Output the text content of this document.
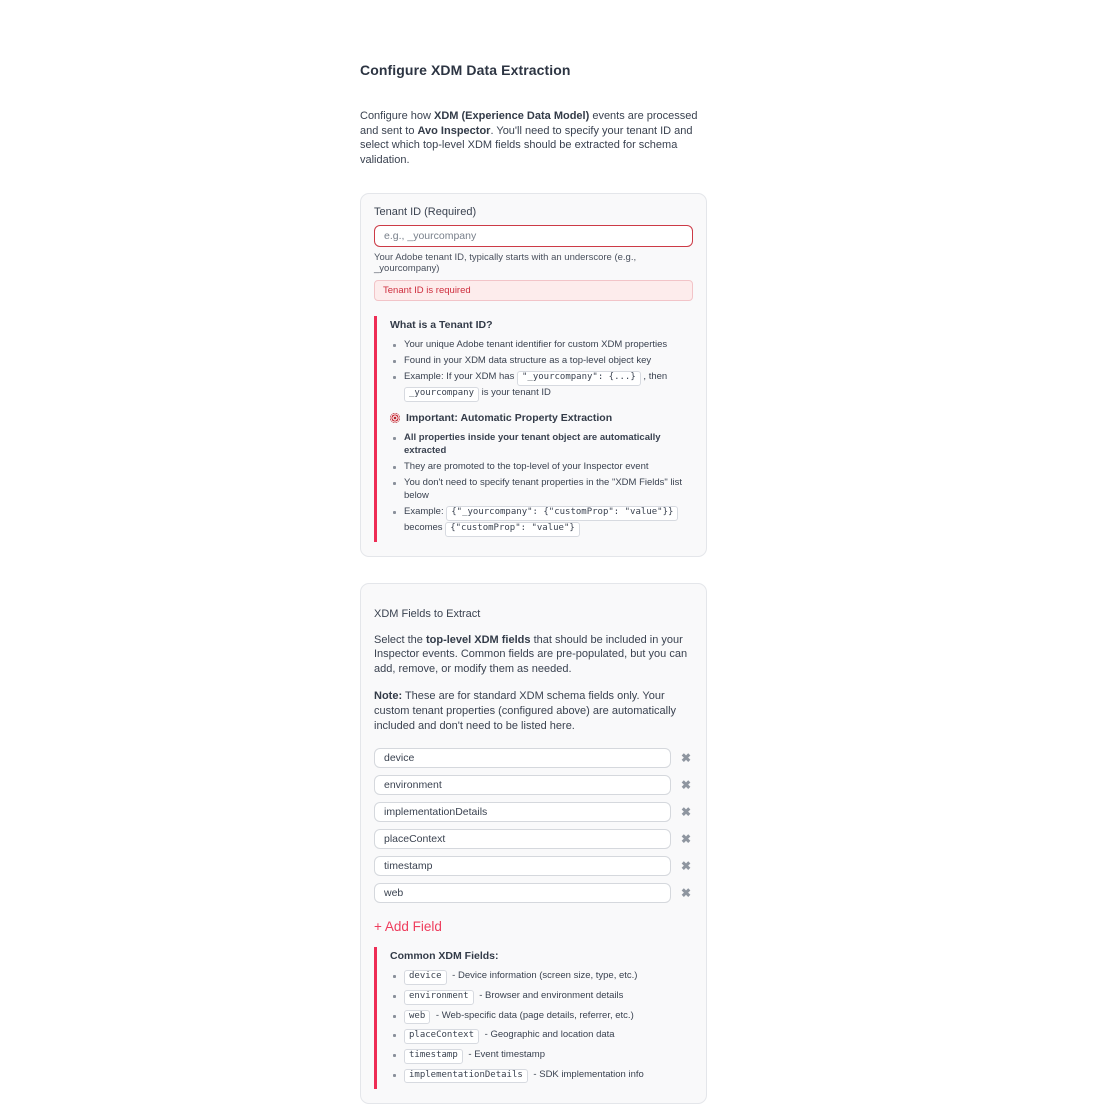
Configure XDM Data Extraction

Configure how XDM (Experience Data Model) events are processed and sent to Avo Inspector. You'll need to specify your tenant ID and select which top-level XDM fields should be extracted for schema validation.

Tenant ID (Required)
e.g., _yourcompany
Your Adobe tenant ID, typically starts with an underscore (e.g., _yourcompany)
Tenant ID is required
What is a Tenant ID?
Your unique Adobe tenant identifier for custom XDM properties
Found in your XDM data structure as a top-level object key
Example: If your XDM has "_yourcompany": {...} , then _yourcompany is your tenant ID
Important: Automatic Property Extraction
All properties inside your tenant object are automatically extracted
They are promoted to the top-level of your Inspector event
You don't need to specify tenant properties in the "XDM Fields" list below
Example: {"_yourcompany": {"customProp": "value"}} becomes {"customProp": "value"}
XDM Fields to Extract

Select the top-level XDM fields that should be included in your Inspector events. Common fields are pre-populated, but you can add, remove, or modify them as needed.

Note: These are for standard XDM schema fields only. Your custom tenant properties (configured above) are automatically included and don't need to be listed here.

device
✖
environment
✖
implementationDetails
✖
placeContext
✖
timestamp
✖
web
✖
+ Add Field
Common XDM Fields:
device - Device information (screen size, type, etc.)
environment - Browser and environment details
web - Web-specific data (page details, referrer, etc.)
placeContext - Geographic and location data
timestamp - Event timestamp
implementationDetails - SDK implementation info
